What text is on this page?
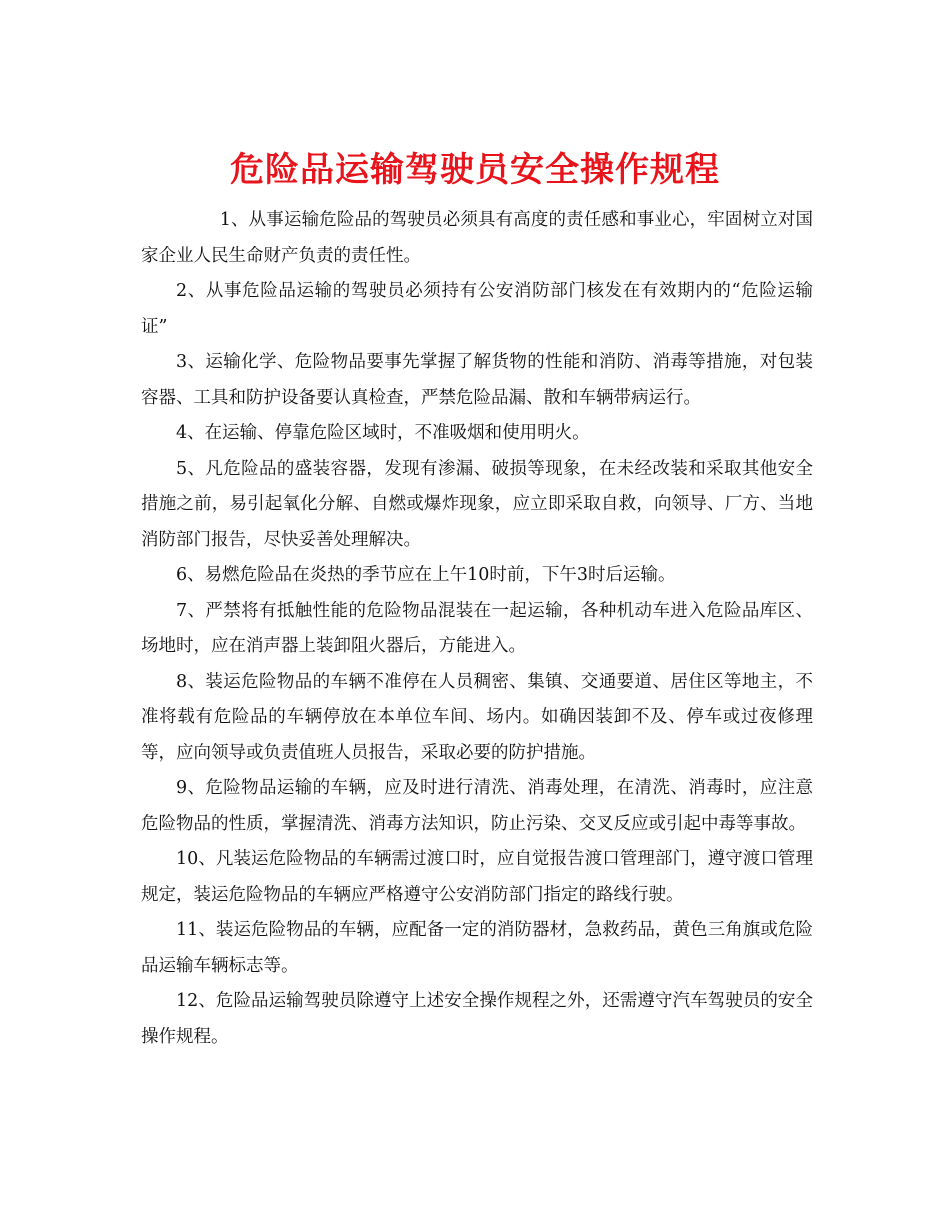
危险品运输驾驶员安全操作规程

1、从事运输危险品的驾驶员必须具有高度的责任感和事业心，牢固树立对国家企业人民生命财产负责的责任性。

2、从事危险品运输的驾驶员必须持有公安消防部门核发在有效期内的“危险运输证”

3、运输化学、危险物品要事先掌握了解货物的性能和消防、消毒等措施，对包装容器、工具和防护设备要认真检查，严禁危险品漏、散和车辆带病运行。

4、在运输、停靠危险区域时，不准吸烟和使用明火。

5、凡危险品的盛装容器，发现有渗漏、破损等现象，在未经改装和采取其他安全措施之前，易引起氧化分解、自燃或爆炸现象，应立即采取自救，向领导、厂方、当地消防部门报告，尽快妥善处理解决。

6、易燃危险品在炎热的季节应在上午10时前，下午3时后运输。

7、严禁将有抵触性能的危险物品混装在一起运输，各种机动车进入危险品库区、场地时，应在消声器上装卸阻火器后，方能进入。

8、装运危险物品的车辆不准停在人员稠密、集镇、交通要道、居住区等地主，不准将载有危险品的车辆停放在本单位车间、场内。如确因装卸不及、停车或过夜修理等，应向领导或负责值班人员报告，采取必要的防护措施。

9、危险物品运输的车辆，应及时进行清洗、消毒处理，在清洗、消毒时，应注意危险物品的性质，掌握清洗、消毒方法知识，防止污染、交叉反应或引起中毒等事故。

10、凡装运危险物品的车辆需过渡口时，应自觉报告渡口管理部门，遵守渡口管理规定，装运危险物品的车辆应严格遵守公安消防部门指定的路线行驶。

11、装运危险物品的车辆，应配备一定的消防器材，急救药品，黄色三角旗或危险品运输车辆标志等。

12、危险品运输驾驶员除遵守上述安全操作规程之外，还需遵守汽车驾驶员的安全操作规程。
